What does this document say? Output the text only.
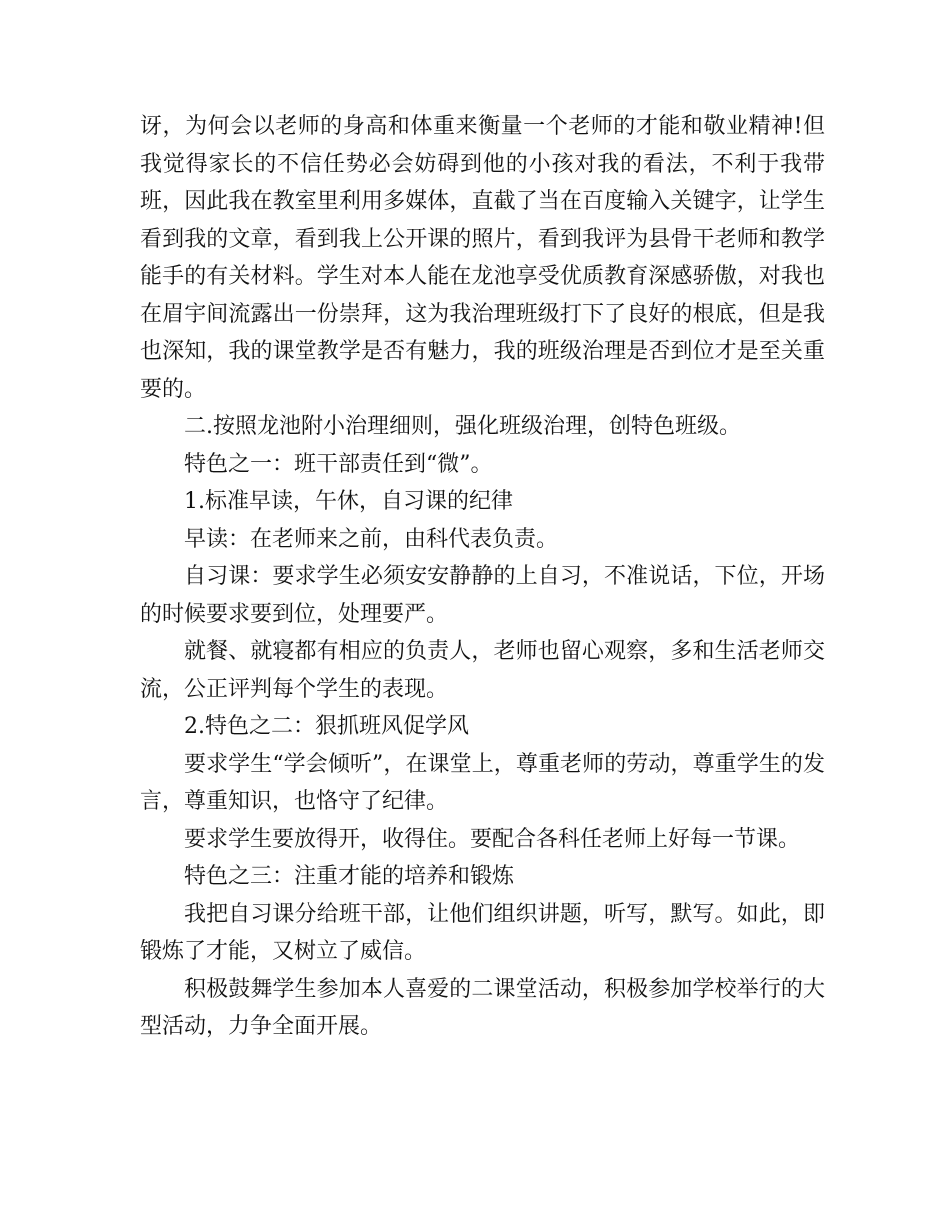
讶，为何会以老师的身高和体重来衡量一个老师的才能和敬业精神!但我觉得家长的不信任势必会妨碍到他的小孩对我的看法，不利于我带班，因此我在教室里利用多媒体，直截了当在百度输入关键字，让学生看到我的文章，看到我上公开课的照片，看到我评为县骨干老师和教学能手的有关材料。学生对本人能在龙池享受优质教育深感骄傲，对我也在眉宇间流露出一份崇拜，这为我治理班级打下了良好的根底，但是我也深知，我的课堂教学是否有魅力，我的班级治理是否到位才是至关重要的。

二.按照龙池附小治理细则，强化班级治理，创特色班级。

特色之一：班干部责任到“微”。

1.标准早读，午休，自习课的纪律

早读：在老师来之前，由科代表负责。

自习课：要求学生必须安安静静的上自习，不准说话，下位，开场的时候要求要到位，处理要严。

就餐、就寝都有相应的负责人，老师也留心观察，多和生活老师交流，公正评判每个学生的表现。

2.特色之二：狠抓班风促学风

要求学生“学会倾听”，在课堂上，尊重老师的劳动，尊重学生的发言，尊重知识，也恪守了纪律。

要求学生要放得开，收得住。要配合各科任老师上好每一节课。

特色之三：注重才能的培养和锻炼

我把自习课分给班干部，让他们组织讲题，听写，默写。如此，即锻炼了才能，又树立了威信。

积极鼓舞学生参加本人喜爱的二课堂活动，积极参加学校举行的大型活动，力争全面开展。
